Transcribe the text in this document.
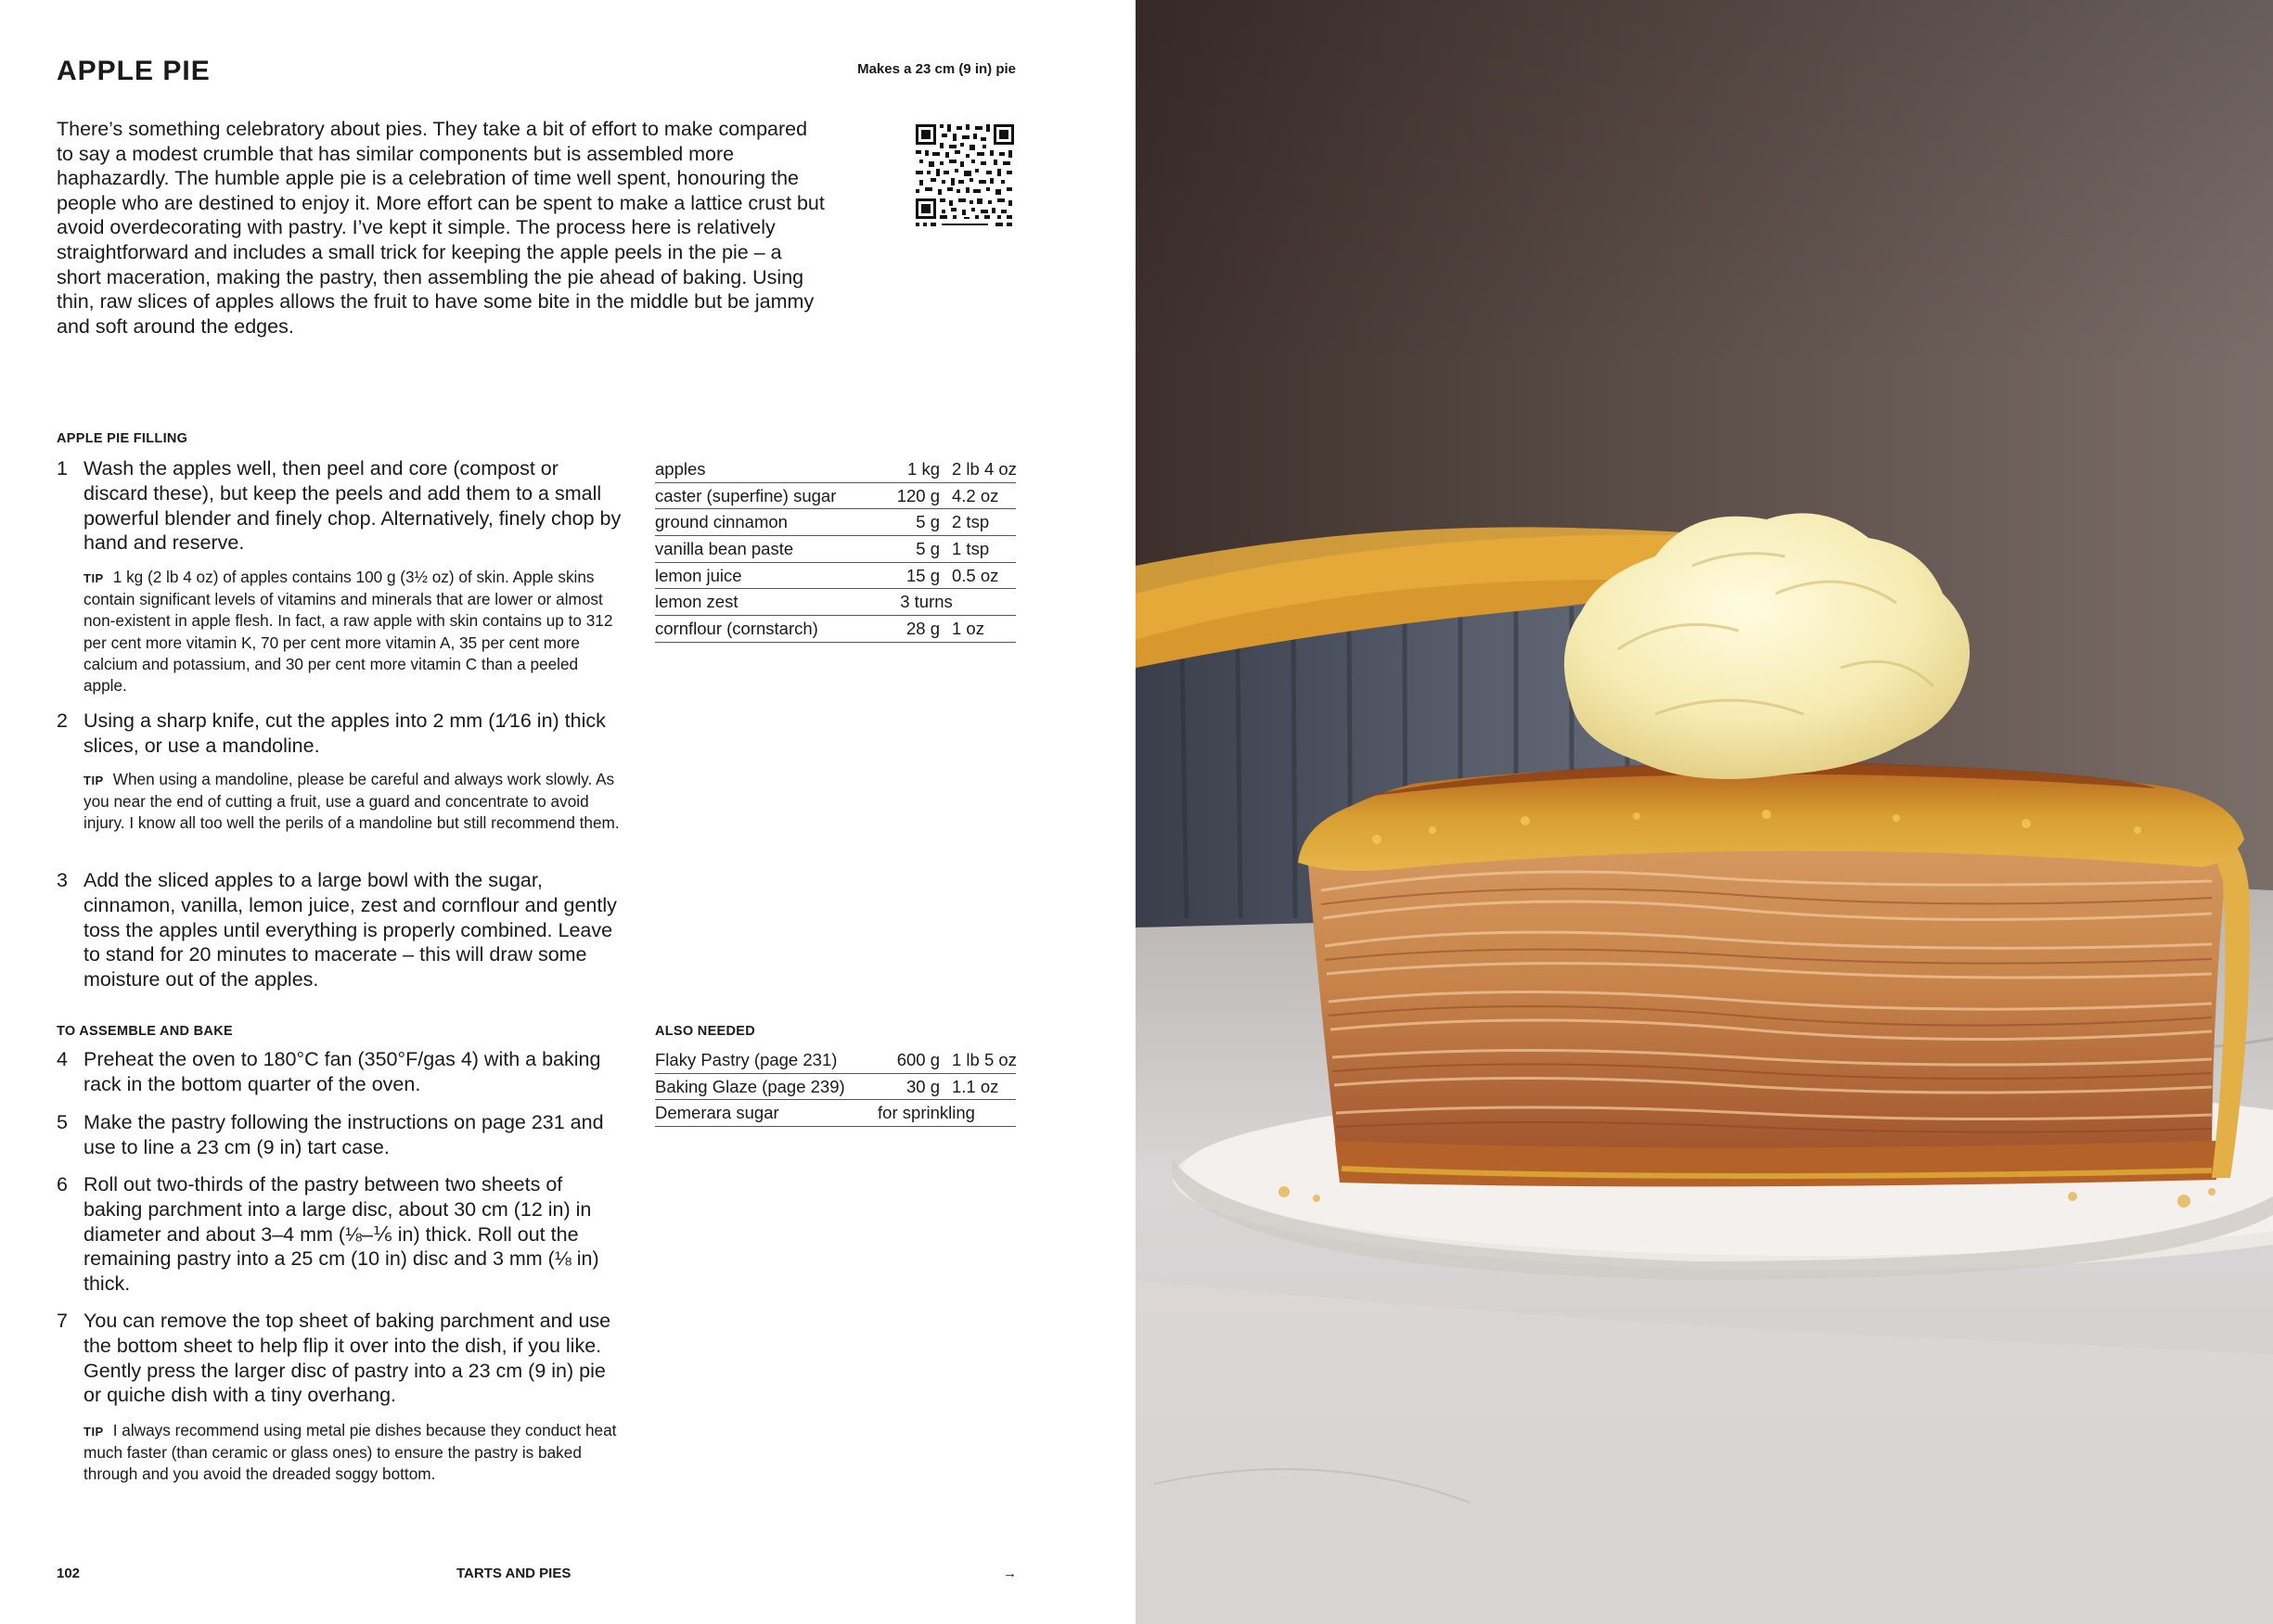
APPLE PIE	Makes a 23 cm (9 in) pie

There’s something celebratory about pies. They take a bit of effort to make compared to say a modest crumble that has similar components but is assembled more haphazardly. The humble apple pie is a celebration of time well spent, honouring the people who are destined to enjoy it. More effort can be spent to make a lattice crust but avoid overdecorating with pastry. I’ve kept it simple. The process here is relatively straightforward and includes a small trick for keeping the apple peels in the pie – a short maceration, making the pastry, then assembling the pie ahead of baking. Using thin, raw slices of apples allows the fruit to have some bite in the middle but be jammy and soft around the edges.

APPLE PIE FILLING
1 Wash the apples well, then peel and core (compost or discard these), but keep the peels and add them to a small powerful blender and finely chop. Alternatively, finely chop by hand and reserve.
TIP 1 kg (2 lb 4 oz) of apples contains 100 g (3½ oz) of skin. Apple skins contain significant levels of vitamins and minerals that are lower or almost non-existent in apple flesh. In fact, a raw apple with skin contains up to 312 per cent more vitamin K, 70 per cent more vitamin A, 35 per cent more calcium and potassium, and 30 per cent more vitamin C than a peeled apple.
2 Using a sharp knife, cut the apples into 2 mm (1⁄16 in) thick slices, or use a mandoline.
TIP When using a mandoline, please be careful and always work slowly. As you near the end of cutting a fruit, use a guard and concentrate to avoid injury. I know all too well the perils of a mandoline but still recommend them.
3 Add the sliced apples to a large bowl with the sugar, cinnamon, vanilla, lemon juice, zest and cornflour and gently toss the apples until everything is properly combined. Leave to stand for 20 minutes to macerate – this will draw some moisture out of the apples.
apples	1 kg 2 lb 4 oz
caster (superfine) sugar	120 g 4.2 oz
ground cinnamon	5 g 2 tsp
vanilla bean paste	5 g 1 tsp
lemon juice	15 g 0.5 oz
lemon zest	3 turns
cornflour (cornstarch)	28 g 1 oz
TO ASSEMBLE AND BAKE
4 Preheat the oven to 180°C fan (350°F/gas 4) with a baking rack in the bottom quarter of the oven.
5 Make the pastry following the instructions on page 231 and use to line a 23 cm (9 in) tart case.
6 Roll out two-thirds of the pastry between two sheets of baking parchment into a large disc, about 30 cm (12 in) in diameter and about 3–4 mm (⅛–⅙ in) thick. Roll out the remaining pastry into a 25 cm (10 in) disc and 3 mm (⅛ in) thick.
7 You can remove the top sheet of baking parchment and use the bottom sheet to help flip it over into the dish, if you like. Gently press the larger disc of pastry into a 23 cm (9 in) pie or quiche dish with a tiny overhang.
TIP I always recommend using metal pie dishes because they conduct heat much faster (than ceramic or glass ones) to ensure the pastry is baked through and you avoid the dreaded soggy bottom.
ALSO NEEDED
Flaky Pastry (page 231)	600 g 1 lb 5 oz
Baking Glaze (page 239)	30 g 1.1 oz
Demerara sugar	for sprinkling
102	TARTS AND PIES	→
